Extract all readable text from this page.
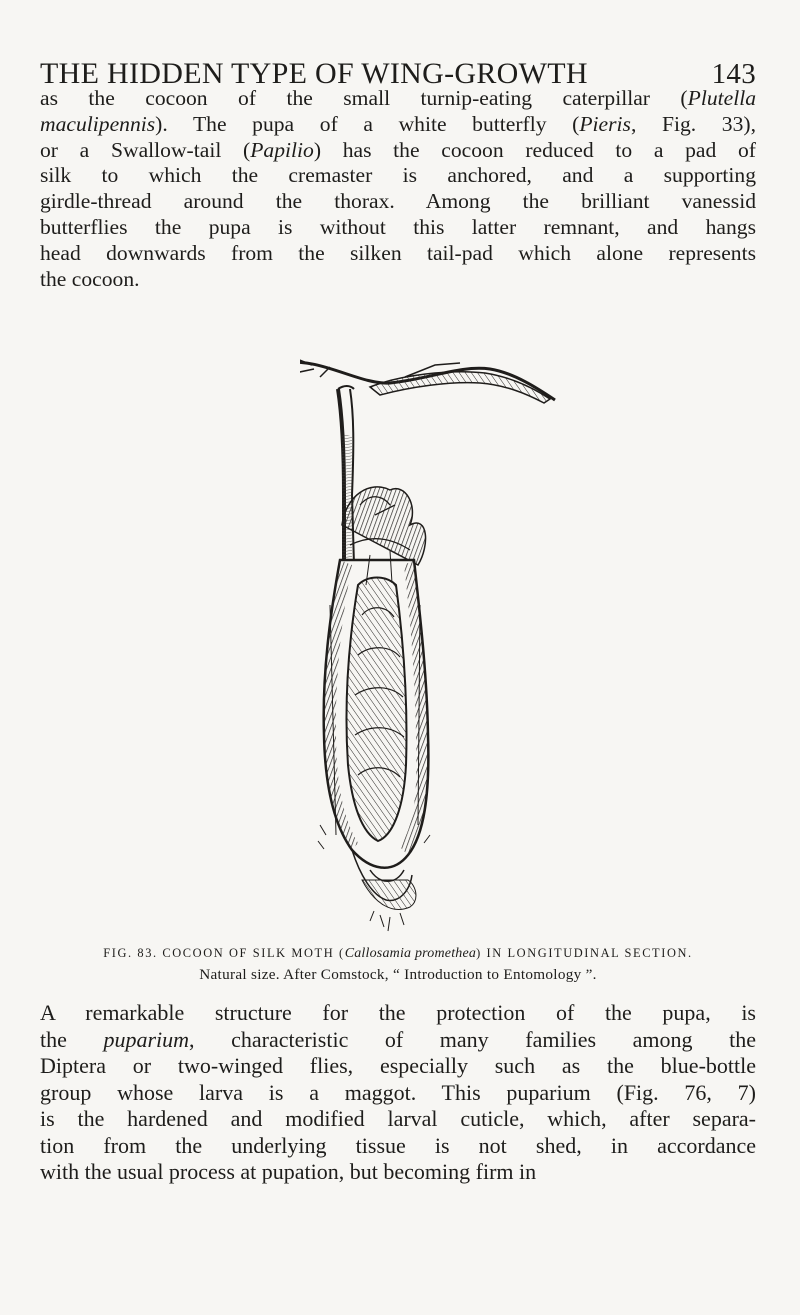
THE HIDDEN TYPE OF WING-GROWTH	143
as the cocoon of the small turnip-eating caterpillar (Plutella
maculipennis). The pupa of a white butterfly (Pieris, Fig. 33),
or a Swallow-tail (Papilio) has the cocoon reduced to a pad of
silk to which the cremaster is anchored, and a supporting
girdle-thread around the thorax. Among the brilliant vanessid
butterflies the pupa is without this latter remnant, and hangs
head downwards from the silken tail-pad which alone represents
the cocoon.
FIG. 83. COCOON OF SILK MOTH (Callosamia promethea) IN LONGITUDINAL SECTION.
Natural size. After Comstock, “ Introduction to Entomology ”.
A remarkable structure for the protection of the pupa, is
the puparium, characteristic of many families among the
Diptera or two-winged flies, especially such as the blue-bottle
group whose larva is a maggot. This puparium (Fig. 76, 7)
is the hardened and modified larval cuticle, which, after separa-
tion from the underlying tissue is not shed, in accordance
with the usual process at pupation, but becoming firm in
